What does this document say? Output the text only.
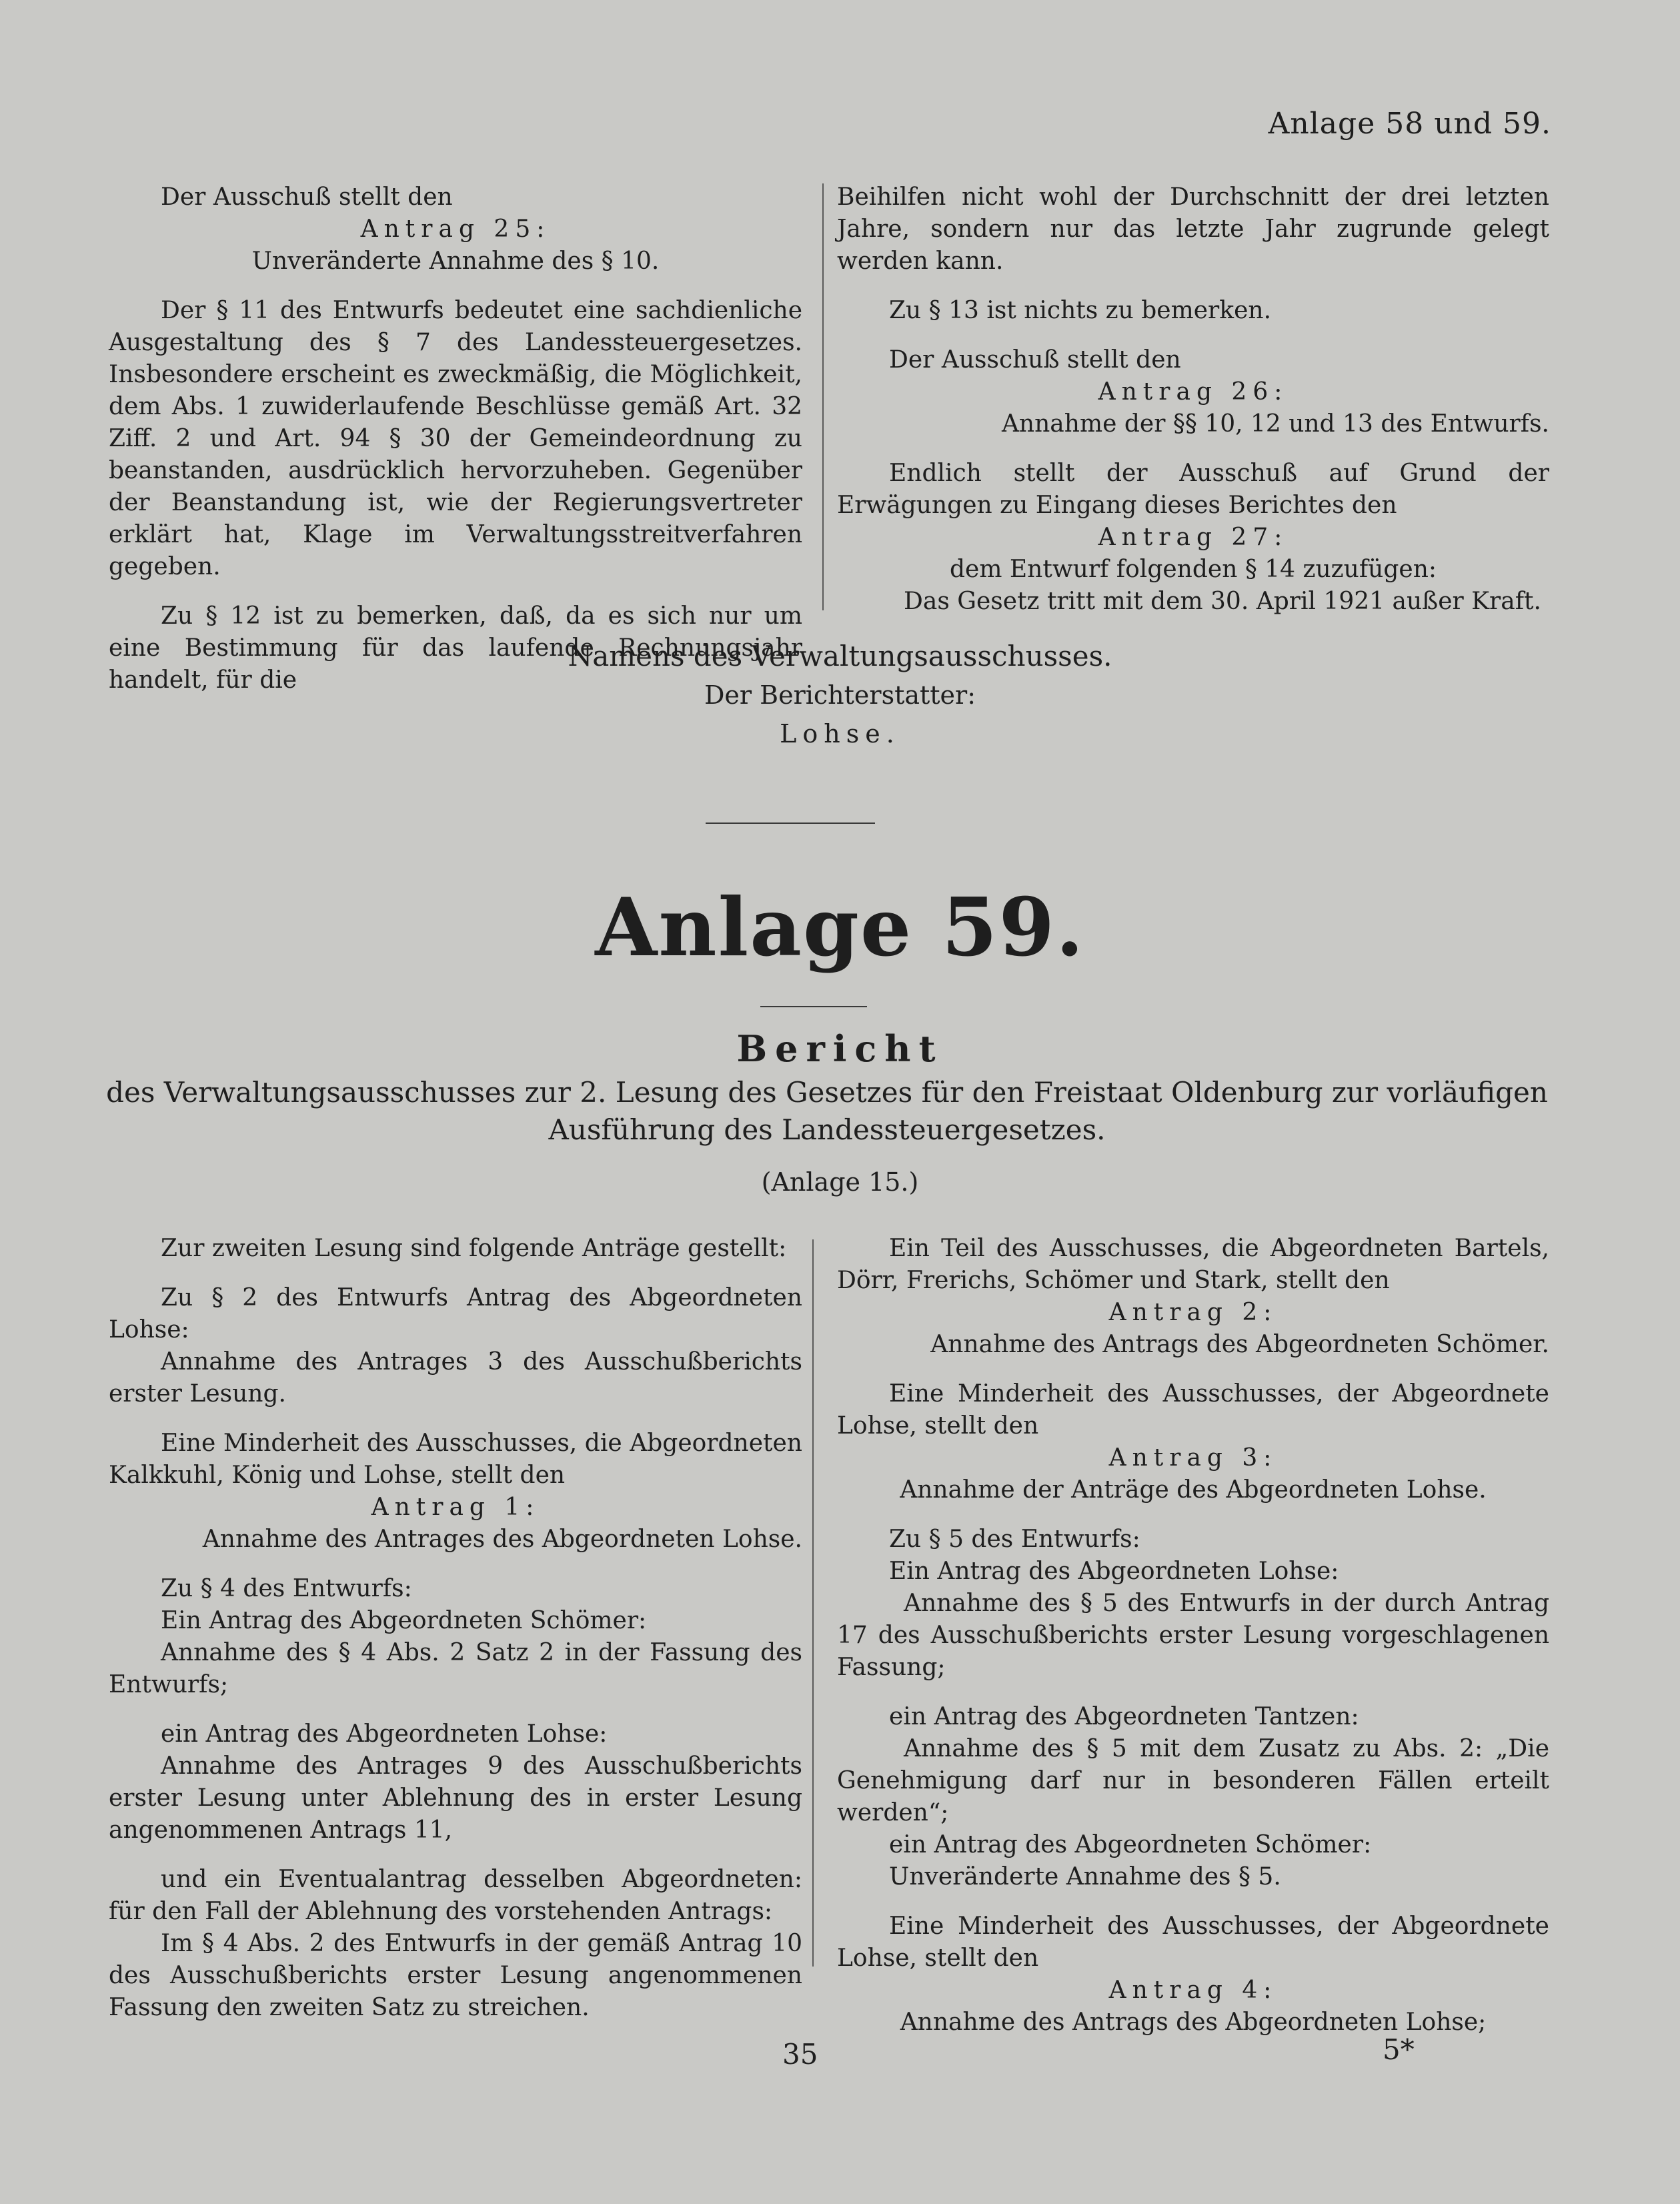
Anlage 58 und 59.

Der Ausschuß stellt den

Antrag 25:

Unveränderte Annahme des § 10.

Der § 11 des Entwurfs bedeutet eine sachdienliche Ausgestaltung des § 7 des Landessteuergesetzes. Insbesondere erscheint es zweckmäßig, die Möglichkeit, dem Abs. 1 zuwiderlaufende Beschlüsse gemäß Art. 32 Ziff. 2 und Art. 94 § 30 der Gemeindeordnung zu beanstanden, ausdrücklich hervorzuheben. Gegenüber der Beanstandung ist, wie der Regierungsvertreter erklärt hat, Klage im Verwaltungsstreitverfahren gegeben.

Zu § 12 ist zu bemerken, daß, da es sich nur um eine Bestimmung für das laufende Rechnungsjahr handelt, für die

Beihilfen nicht wohl der Durchschnitt der drei letzten Jahre, sondern nur das letzte Jahr zugrunde gelegt werden kann.

Zu § 13 ist nichts zu bemerken.

Der Ausschuß stellt den

Antrag 26:

Annahme der §§ 10, 12 und 13 des Entwurfs.

Endlich stellt der Ausschuß auf Grund der Erwägungen zu Eingang dieses Berichtes den

Antrag 27:

dem Entwurf folgenden § 14 zuzufügen:

Das Gesetz tritt mit dem 30. April 1921 außer Kraft.

Namens des Verwaltungsausschusses.
Der Berichterstatter:
Lohse.
Anlage 59.
Bericht
des Verwaltungsausschusses zur 2. Lesung des Gesetzes für den Freistaat Oldenburg zur vorläufigen Ausführung des Landessteuergesetzes.
(Anlage 15.)

Zur zweiten Lesung sind folgende Anträge gestellt:

Zu § 2 des Entwurfs Antrag des Abgeordneten Lohse:

Annahme des Antrages 3 des Ausschußberichts erster Lesung.

Eine Minderheit des Ausschusses, die Abgeordneten Kalkkuhl, König und Lohse, stellt den

Antrag 1:

Annahme des Antrages des Abgeordneten Lohse.

Zu § 4 des Entwurfs:

Ein Antrag des Abgeordneten Schömer:

Annahme des § 4 Abs. 2 Satz 2 in der Fassung des Entwurfs;

ein Antrag des Abgeordneten Lohse:

Annahme des Antrages 9 des Ausschußberichts erster Lesung unter Ablehnung des in erster Lesung angenommenen Antrags 11,

und ein Eventualantrag desselben Abgeordneten: für den Fall der Ablehnung des vorstehenden Antrags:

Im § 4 Abs. 2 des Entwurfs in der gemäß Antrag 10 des Ausschußberichts erster Lesung angenommenen Fassung den zweiten Satz zu streichen.

Ein Teil des Ausschusses, die Abgeordneten Bartels, Dörr, Frerichs, Schömer und Stark, stellt den

Antrag 2:

Annahme des Antrags des Abgeordneten Schömer.

Eine Minderheit des Ausschusses, der Abgeordnete Lohse, stellt den

Antrag 3:

Annahme der Anträge des Abgeordneten Lohse.

Zu § 5 des Entwurfs:

Ein Antrag des Abgeordneten Lohse:

Annahme des § 5 des Entwurfs in der durch Antrag 17 des Ausschußberichts erster Lesung vorgeschlagenen Fassung;

ein Antrag des Abgeordneten Tantzen:

Annahme des § 5 mit dem Zusatz zu Abs. 2: „Die Genehmigung darf nur in besonderen Fällen erteilt werden“;

ein Antrag des Abgeordneten Schömer:

Unveränderte Annahme des § 5.

Eine Minderheit des Ausschusses, der Abgeordnete Lohse, stellt den

Antrag 4:

Annahme des Antrags des Abgeordneten Lohse;

35	5*
